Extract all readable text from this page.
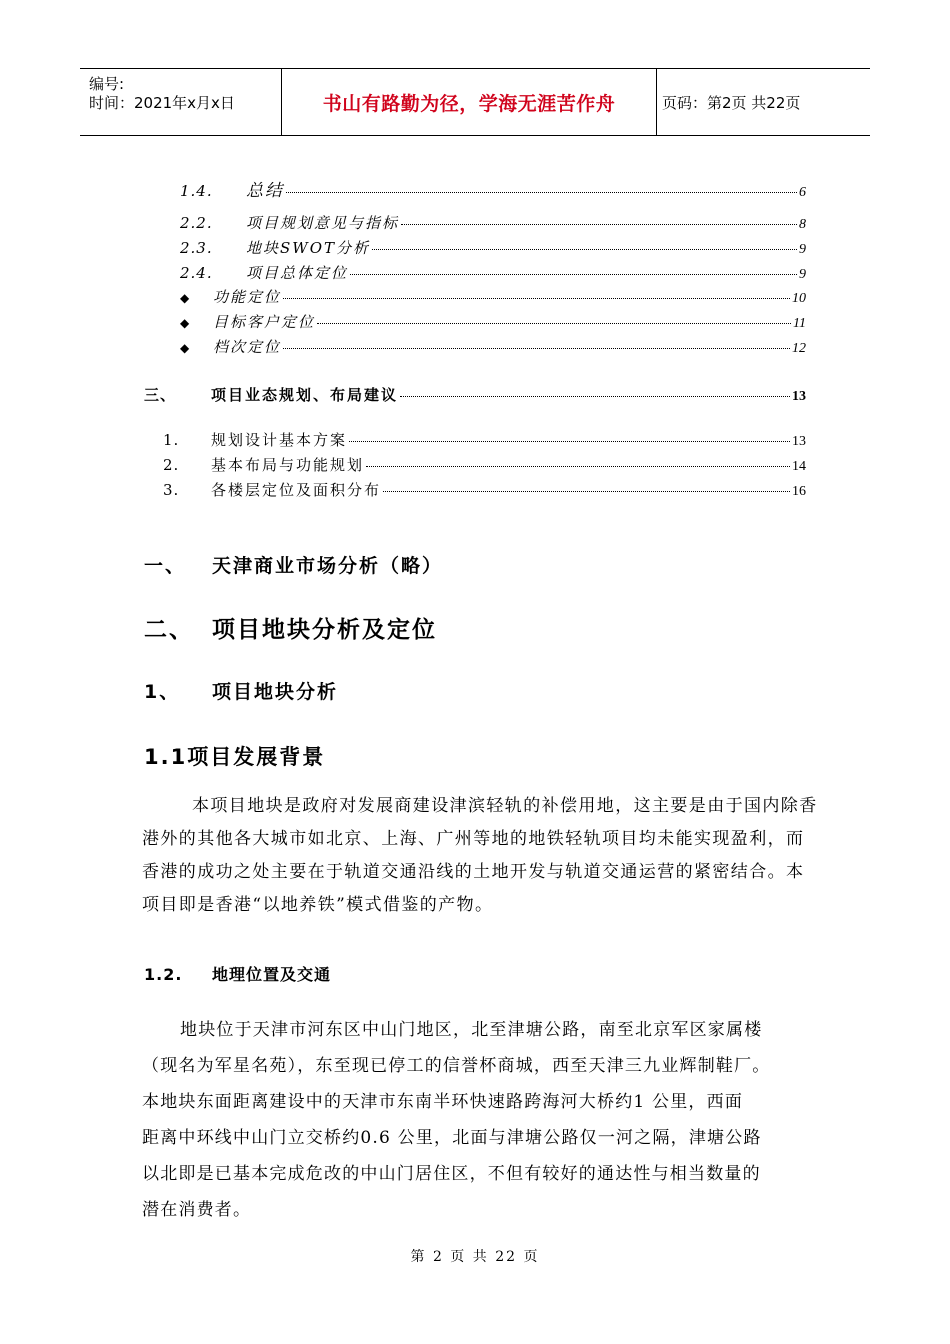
编号:
时间：2021年x月x日	书山有路勤为径，学海无涯苦作舟	页码：第2页 共22页
1.4.	总结	6
2.2.	项目规划意见与指标	8
2.3.	地块SWOT分析	9
2.4.	项目总体定位	9
◆	功能定位	10
◆	目标客户定位	11
◆	档次定位	12
三、	项目业态规划、布局建议	13
1.	规划设计基本方案	13
2.	基本布局与功能规划	14
3.	各楼层定位及面积分布	16
一、 天津商业市场分析（略）
二、 项目地块分析及定位
1、 项目地块分析
1.1项目发展背景

本项目地块是政府对发展商建设津滨轻轨的补偿用地，这主要是由于国内除香港外的其他各大城市如北京、上海、广州等地的地铁轻轨项目均未能实现盈利，而香港的成功之处主要在于轨道交通沿线的土地开发与轨道交通运营的紧密结合。本项目即是香港“以地养铁”模式借鉴的产物。

1.2. 地理位置及交通

地块位于天津市河东区中山门地区，北至津塘公路，南至北京军区家属楼

（现名为军星名苑），东至现已停工的信誉杯商城，西至天津三九业辉制鞋厂。

本地块东面距离建设中的天津市东南半环快速路跨海河大桥约1 公里，西面

距离中环线中山门立交桥约0.6 公里，北面与津塘公路仅一河之隔，津塘公路

以北即是已基本完成危改的中山门居住区，不但有较好的通达性与相当数量的

潜在消费者。

第 2 页 共 22 页
